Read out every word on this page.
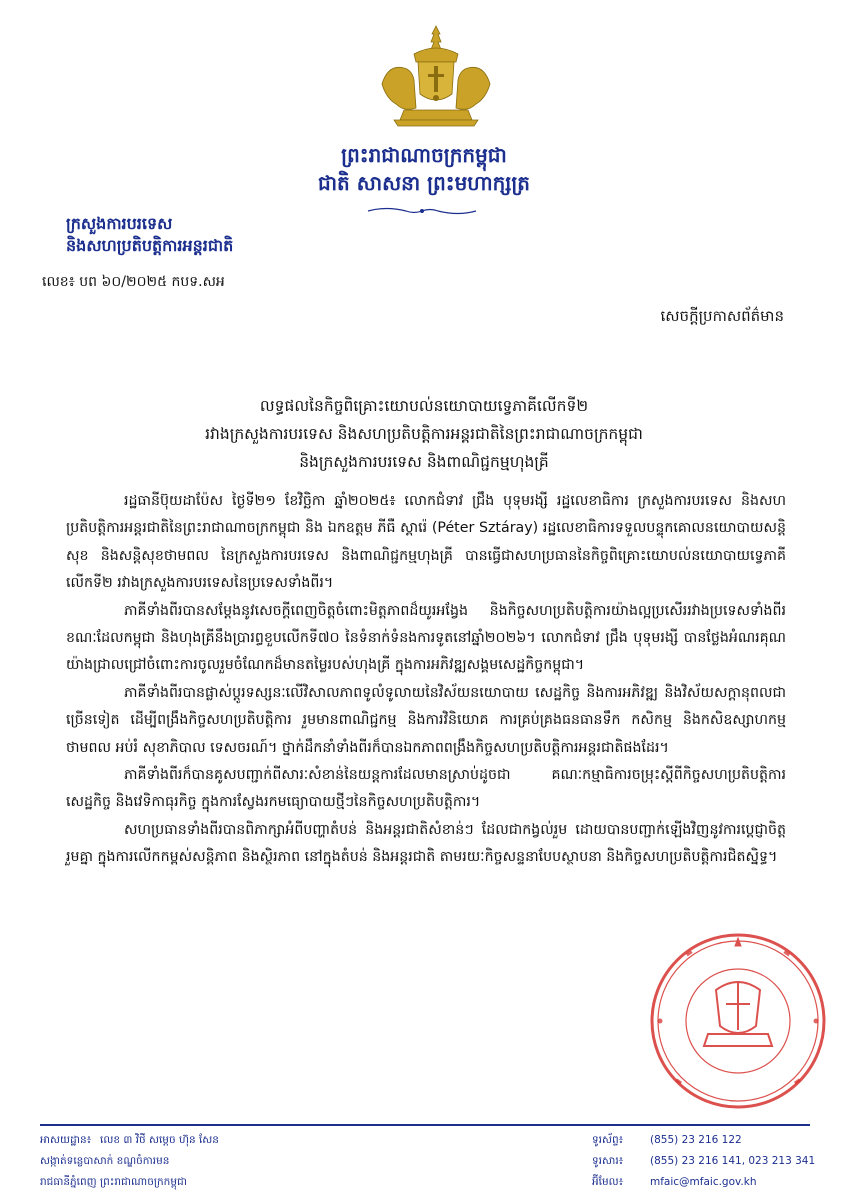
ព្រះរាជាណាចក្រកម្ពុជា
ជាតិ សាសនា ព្រះមហាក្សត្រ
ក្រសួងការបរទេស
និងសហប្រតិបត្តិការអន្តរជាតិ
លេខ៖ បព ៦០/២០២៥ កបទ.សអ
សេចក្តីប្រកាសព័ត៌មាន
លទ្ធផលនៃកិច្ចពិគ្រោះយោបល់នយោបាយទ្វេភាគីលើកទី២
រវាងក្រសួងការបរទេស និងសហប្រតិបត្តិការអន្តរជាតិនៃព្រះរាជាណាចក្រកម្ពុជា
និងក្រសួងការបរទេស និងពាណិជ្ជកម្មហុងគ្រី

រដ្ឋធានីប៊ុយដាប៉ែស ថ្ងៃទី២១ ខែវិច្ឆិកា ឆ្នាំ២០២៥៖ លោកជំទាវ ជ្រឹង បុទុមរង្សី រដ្ឋលេខាធិការ ក្រសួងការបរទេស និងសហប្រតិបត្តិការអន្តរជាតិនៃព្រះរាជាណាចក្រកម្ពុជា និង ឯកឧត្តម ភីធឺ ស្តារ៉េ (Péter Sztáray) រដ្ឋលេខាធិការទទួលបន្ទុកគោលនយោបាយសន្តិសុខ និងសន្តិសុខថាមពល នៃក្រសួងការបរទេស និងពាណិជ្ជកម្មហុងគ្រី បានធ្វើជាសហប្រធាននៃកិច្ចពិគ្រោះយោបល់នយោបាយទ្វេភាគី លើកទី២ រវាងក្រសួងការបរទេសនៃប្រទេសទាំងពីរ។

ភាគីទាំងពីរបានសម្តែងនូវសេចក្តីពេញចិត្តចំពោះមិត្តភាពដ៏យូរអង្វែង និងកិច្ចសហប្រតិបត្តិការយ៉ាងល្អប្រសើររវាងប្រទេសទាំងពីរ ខណៈដែលកម្ពុជា និងហុងគ្រីនឹងប្រារព្ធខួបលើកទី៧០ នៃទំនាក់ទំនងការទូតនៅឆ្នាំ២០២៦។ លោកជំទាវ ជ្រឹង បុទុមរង្សី បានថ្លែងអំណរគុណយ៉ាងជ្រាលជ្រៅចំពោះការចូលរួមចំណែកដ៏មានតម្លៃរបស់ហុងគ្រី ក្នុងការអភិវឌ្ឍសង្គមសេដ្ឋកិច្ចកម្ពុជា។

ភាគីទាំងពីរបានផ្លាស់ប្តូរទស្សនៈលើវិសាលភាពទូលំទូលាយនៃវិស័យនយោបាយ សេដ្ឋកិច្ច និងការអភិវឌ្ឍ និងវិស័យសក្តានុពលជាច្រើនទៀត ដើម្បីពង្រឹងកិច្ចសហប្រតិបត្តិការ រួមមានពាណិជ្ជកម្ម និងការវិនិយោគ ការគ្រប់គ្រងធនធានទឹក កសិកម្ម និងកសិឧស្សាហកម្ម ថាមពល អប់រំ សុខាភិបាល ទេសចរណ៍។ ថ្នាក់ដឹកនាំទាំងពីរក៏បានឯកភាពពង្រឹងកិច្ចសហប្រតិបត្តិការអន្តរជាតិផងដែរ។

ភាគីទាំងពីរក៏បានគូសបញ្ជាក់ពីសារៈសំខាន់នៃយន្តការដែលមានស្រាប់ដូចជា គណៈកម្មាធិការចម្រុះស្តីពីកិច្ចសហប្រតិបត្តិការសេដ្ឋកិច្ច និងវេទិកាធុរកិច្ច ក្នុងការស្វែងរកមធ្យោបាយថ្មីៗនៃកិច្ចសហប្រតិបត្តិការ។

សហប្រធានទាំងពីរបានពិភាក្សាអំពីបញ្ហាតំបន់ និងអន្តរជាតិសំខាន់ៗ ដែលជាកង្វល់រួម ដោយបានបញ្ជាក់ឡើងវិញនូវការប្តេជ្ញាចិត្តរួមគ្នា ក្នុងការលើកកម្ពស់សន្តិភាព និងស្ថិរភាព នៅក្នុងតំបន់ និងអន្តរជាតិ តាមរយៈកិច្ចសន្ទនាបែបស្ថាបនា និងកិច្ចសហប្រតិបត្តិការជិតស្និទ្ធ។

អាសយដ្ឋាន៖ លេខ ៣ វិថី សម្តេច ហ៊ុន សែន
សង្កាត់ទន្លេបាសាក់ ខណ្ឌចំការមន
រាជធានីភ្នំពេញ ព្រះរាជាណាចក្រកម្ពុជា
ទូរស័ព្ទ៖	(855) 23 216 122
ទូរសារ៖	(855) 23 216 141, 023 213 341
អ៊ីមែល៖	mfaic@mfaic.gov.kh
